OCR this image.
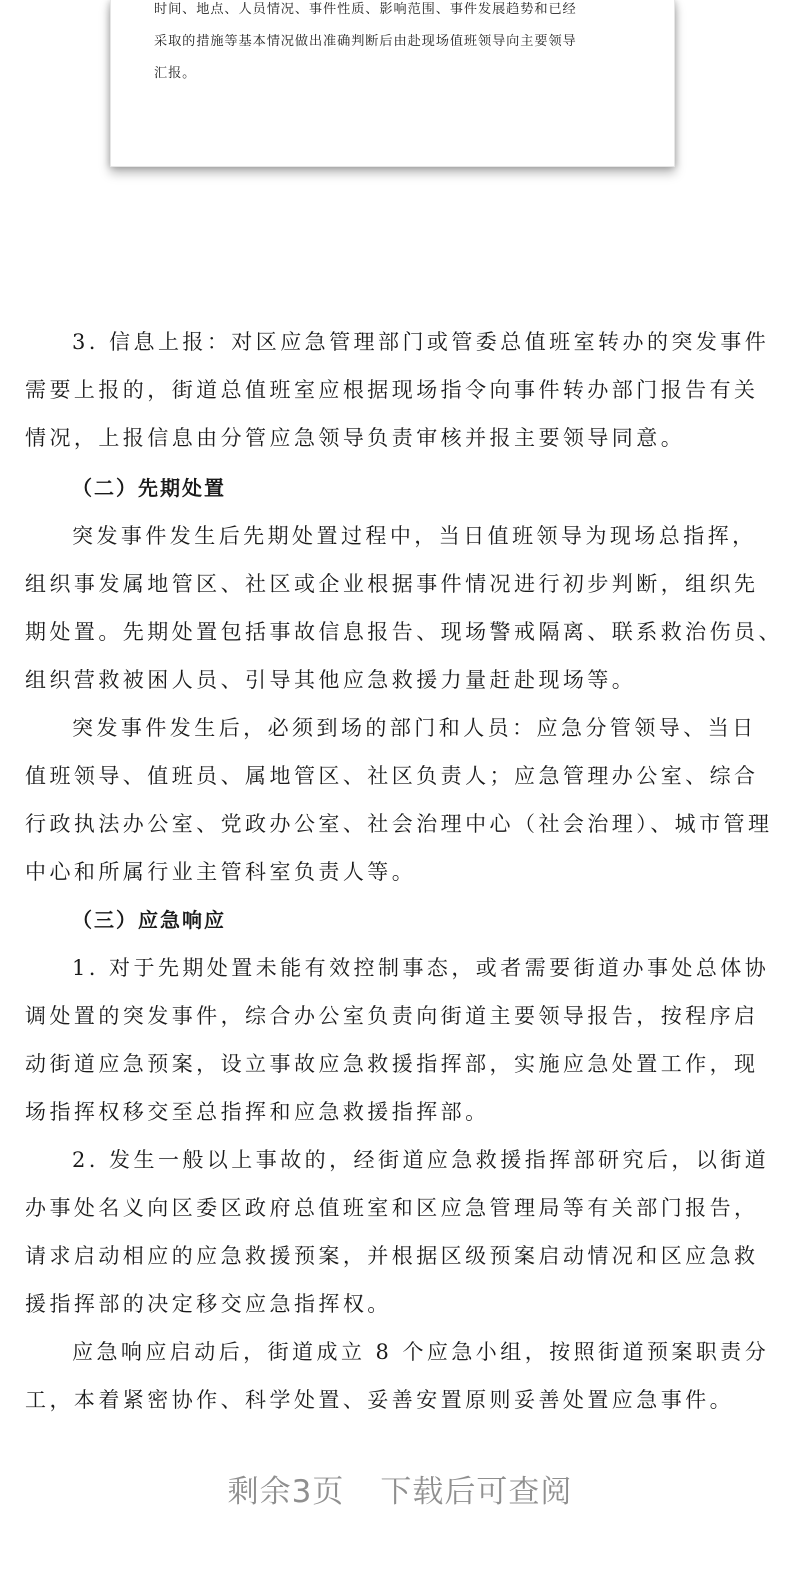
时间、地点、人员情况、事件性质、影响范围、事件发展趋势和已经
采取的措施等基本情况做出准确判断后由赴现场值班领导向主要领导
汇报。
3. 信息上报：对区应急管理部门或管委总值班室转办的突发事件
需要上报的，街道总值班室应根据现场指令向事件转办部门报告有关
情况，上报信息由分管应急领导负责审核并报主要领导同意。
（二）先期处置
突发事件发生后先期处置过程中，当日值班领导为现场总指挥，
组织事发属地管区、社区或企业根据事件情况进行初步判断，组织先
期处置。先期处置包括事故信息报告、现场警戒隔离、联系救治伤员、
组织营救被困人员、引导其他应急救援力量赶赴现场等。
突发事件发生后，必须到场的部门和人员：应急分管领导、当日
值班领导、值班员、属地管区、社区负责人；应急管理办公室、综合
行政执法办公室、党政办公室、社会治理中心（社会治理）、城市管理
中心和所属行业主管科室负责人等。
（三）应急响应
1. 对于先期处置未能有效控制事态，或者需要街道办事处总体协
调处置的突发事件，综合办公室负责向街道主要领导报告，按程序启
动街道应急预案，设立事故应急救援指挥部，实施应急处置工作，现
场指挥权移交至总指挥和应急救援指挥部。
2. 发生一般以上事故的，经街道应急救援指挥部研究后，以街道
办事处名义向区委区政府总值班室和区应急管理局等有关部门报告，
请求启动相应的应急救援预案，并根据区级预案启动情况和区应急救
援指挥部的决定移交应急指挥权。
应急响应启动后，街道成立 8 个应急小组，按照街道预案职责分
工，本着紧密协作、科学处置、妥善安置原则妥善处置应急事件。
剩余3页 下载后可查阅
